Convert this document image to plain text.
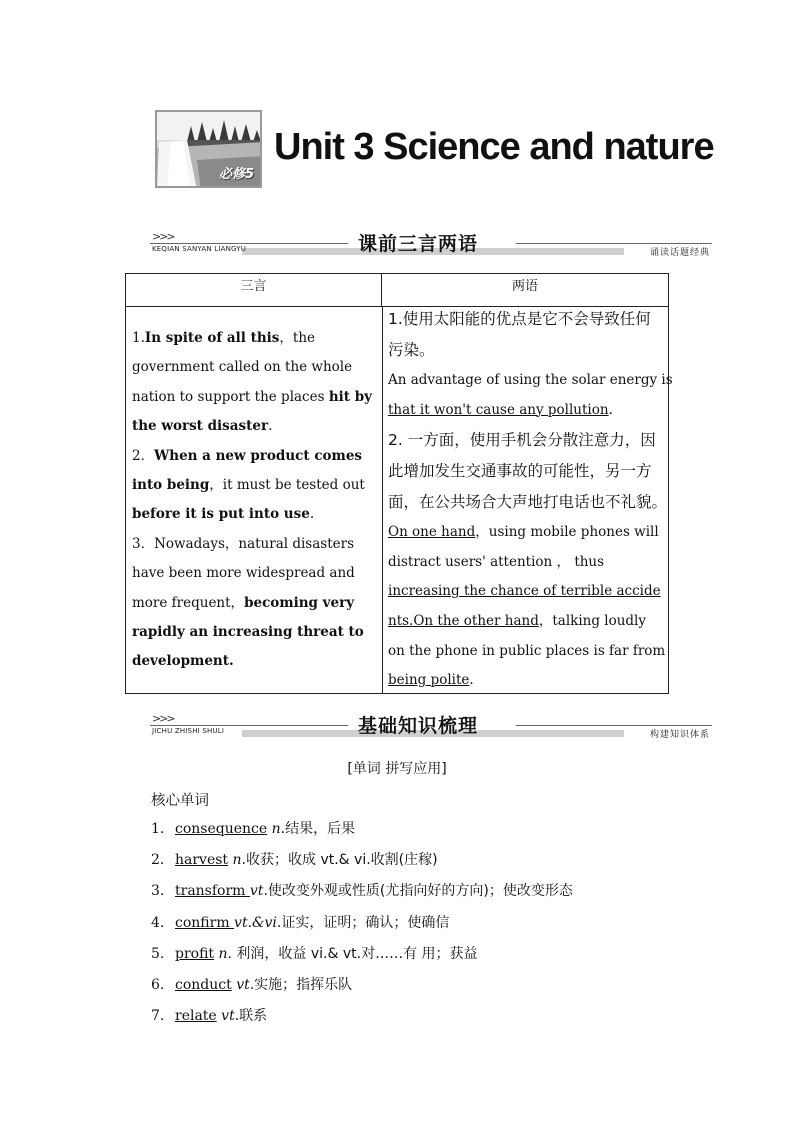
必修5
Unit 3 Science and nature
>>>
KEQIAN SANYAN LIANGYU	课前三言两语	诵读话题经典
三言	两语
1.In spite of all this，the
government called on the whole
nation to support the places hit by
the worst disaster.
2．When a new product comes
into being，it must be tested out
before it is put into use.
3．Nowadays，natural disasters
have been more widespread and
more frequent，becoming very
rapidly an increasing threat to
development.
1.使用太阳能的优点是它不会导致任何
污染。
An advantage of using the solar energy is
that it won't cause any pollution.
2. 一方面，使用手机会分散注意力，因
此增加发生交通事故的可能性，另一方
面，在公共场合大声地打电话也不礼貌。
On one hand，using mobile phones will
distract users' attention ， thus
increasing the chance of terrible accide
nts.On the other hand，talking loudly
on the phone in public places is far from
being polite.
>>>
JICHU ZHISHI SHULI	基础知识梳理	构建知识体系
[单词 拼写应用]
核心单词
1. consequence n.结果，后果
2. harvest n.收获；收成 vt.& vi.收割(庄稼)
3. transform vt.使改变外观或性质(尤指向好的方向)；使改变形态
4. confirm vt.&vi.证实，证明；确认；使确信
5. profit n. 利润，收益 vi.& vt.对……有 用；获益
6. conduct vt.实施；指挥乐队
7. relate vt.联系
